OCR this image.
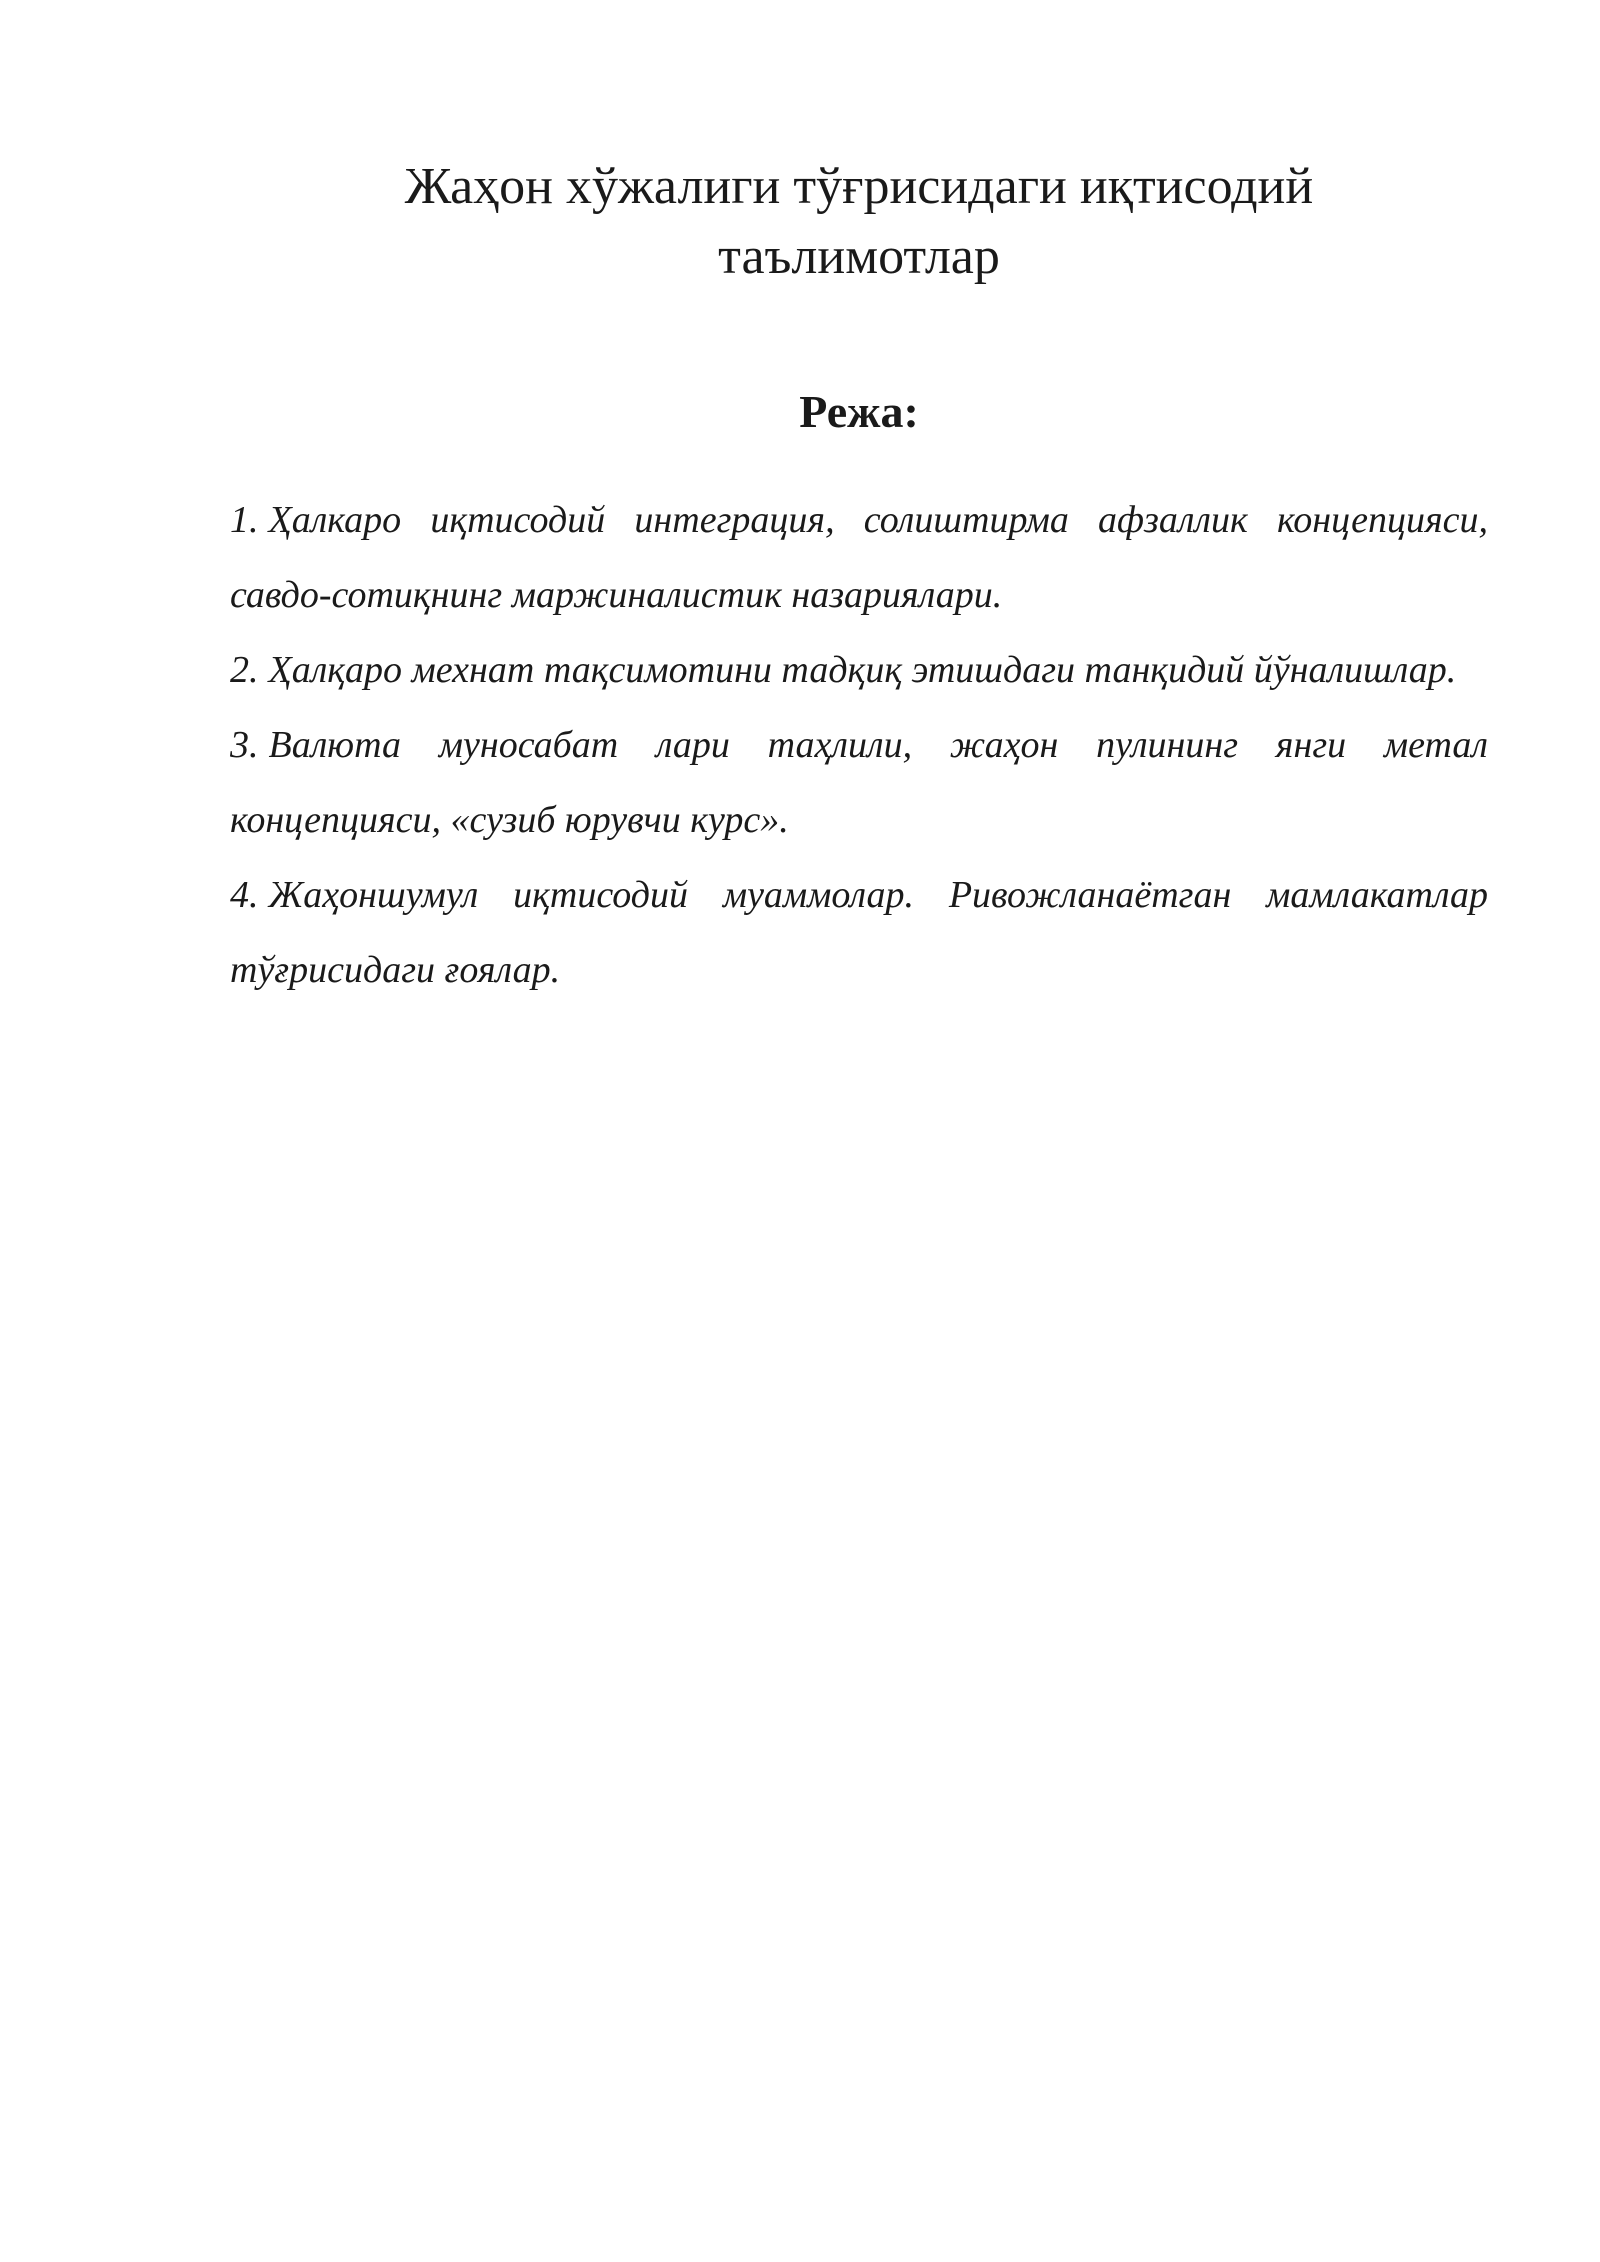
Жаҳон хўжалиги тўғрисидаги иқтисодий
таълимотлар
Режа:
1. Ҳалкаро иқтисодий интеграция, солиштирма афзаллик концепцияси, савдо-сотиқнинг маржиналистик назариялари.
2. Ҳалқаро мехнат тақсимотини тадқиқ этишдаги танқидий йўналишлар.
3. Валюта муносабат лари таҳлили, жаҳон пулининг янги метал концепцияси, «сузиб юрувчи курс».
4. Жаҳоншумул иқтисодий муаммолар. Ривожланаётган мамлакатлар тўғрисидаги ғоялар.
